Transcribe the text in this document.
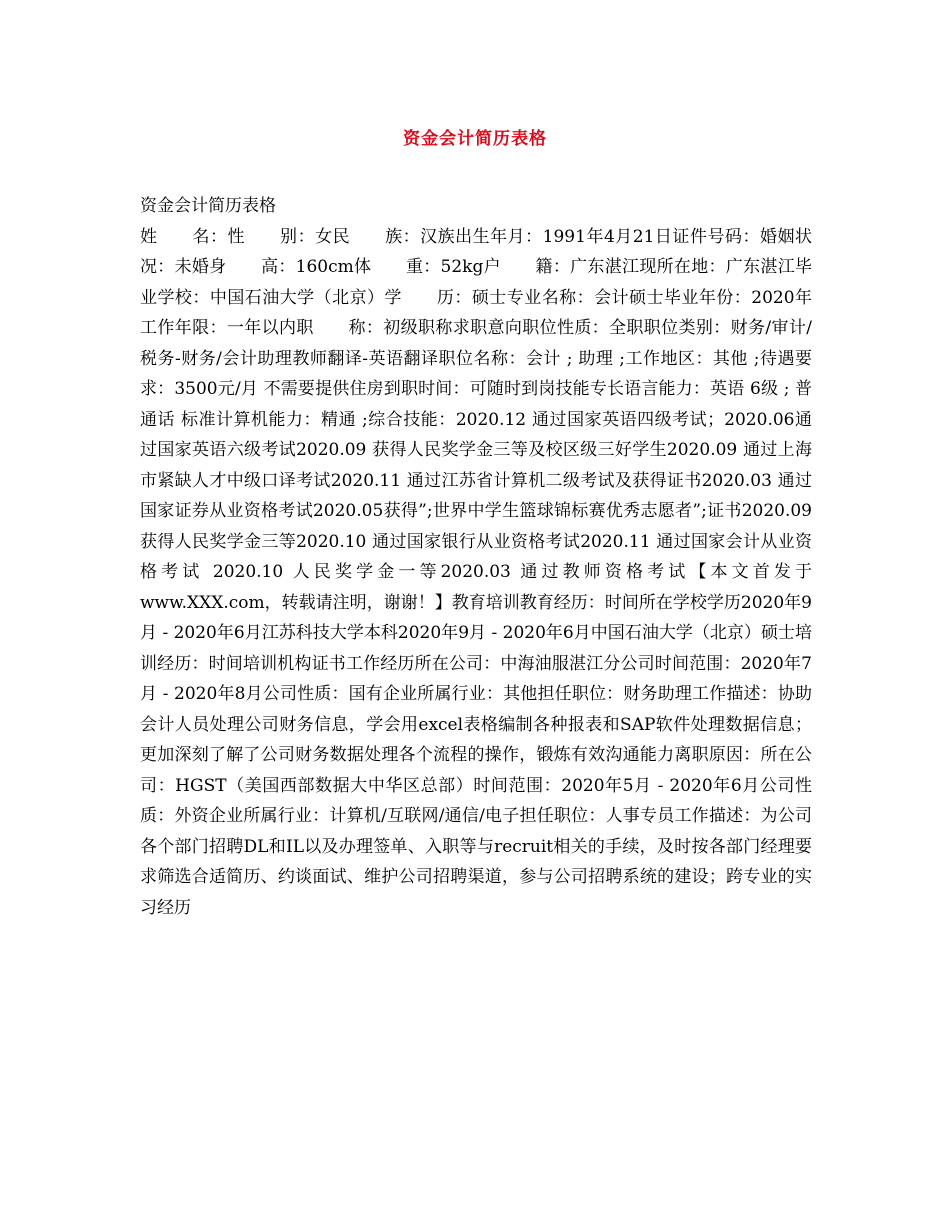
资金会计简历表格

资金会计简历表格

姓　　名：性　　别：女民　　族：汉族出生年月：1991年4月21日证件号码：婚姻状况：未婚身　　高：160cm体　　重：52kg户　　籍：广东湛江现所在地：广东湛江毕业学校：中国石油大学（北京）学　　历：硕士专业名称：会计硕士毕业年份：2020年工作年限：一年以内职　　称：初级职称求职意向职位性质：全职职位类别：财务/审计/税务-财务/会计助理教师翻译-英语翻译职位名称：会计 ; 助理 ;工作地区：其他 ;待遇要求：3500元/月 不需要提供住房到职时间：可随时到岗技能专长语言能力：英语 6级 ; 普通话 标准计算机能力：精通 ;综合技能：2020.12 通过国家英语四级考试；2020.06通过国家英语六级考试2020.09 获得人民奖学金三等及校区级三好学生2020.09 通过上海市紧缺人才中级口译考试2020.11 通过江苏省计算机二级考试及获得证书2020.03 通过国家证券从业资格考试2020.05获得”;世界中学生篮球锦标赛优秀志愿者”;证书2020.09获得人民奖学金三等2020.10 通过国家银行从业资格考试2020.11 通过国家会计从业资格考试 2020.10 人民奖学金一等2020.03 通过教师资格考试【本文首发于www.XXX.com，转载请注明，谢谢！】教育培训教育经历：时间所在学校学历2020年9月 - 2020年6月江苏科技大学本科2020年9月 - 2020年6月中国石油大学（北京）硕士培训经历：时间培训机构证书工作经历所在公司：中海油服湛江分公司时间范围：2020年7月 - 2020年8月公司性质：国有企业所属行业：其他担任职位：财务助理工作描述：协助会计人员处理公司财务信息，学会用excel表格编制各种报表和SAP软件处理数据信息； 更加深刻了解了公司财务数据处理各个流程的操作，锻炼有效沟通能力离职原因：所在公司：HGST（美国西部数据大中华区总部）时间范围：2020年5月 - 2020年6月公司性质：外资企业所属行业：计算机/互联网/通信/电子担任职位：人事专员工作描述：为公司各个部门招聘DL和IL以及办理签单、入职等与recruit相关的手续，及时按各部门经理要求筛选合适简历、约谈面试、维护公司招聘渠道，参与公司招聘系统的建设；跨专业的实习经历
